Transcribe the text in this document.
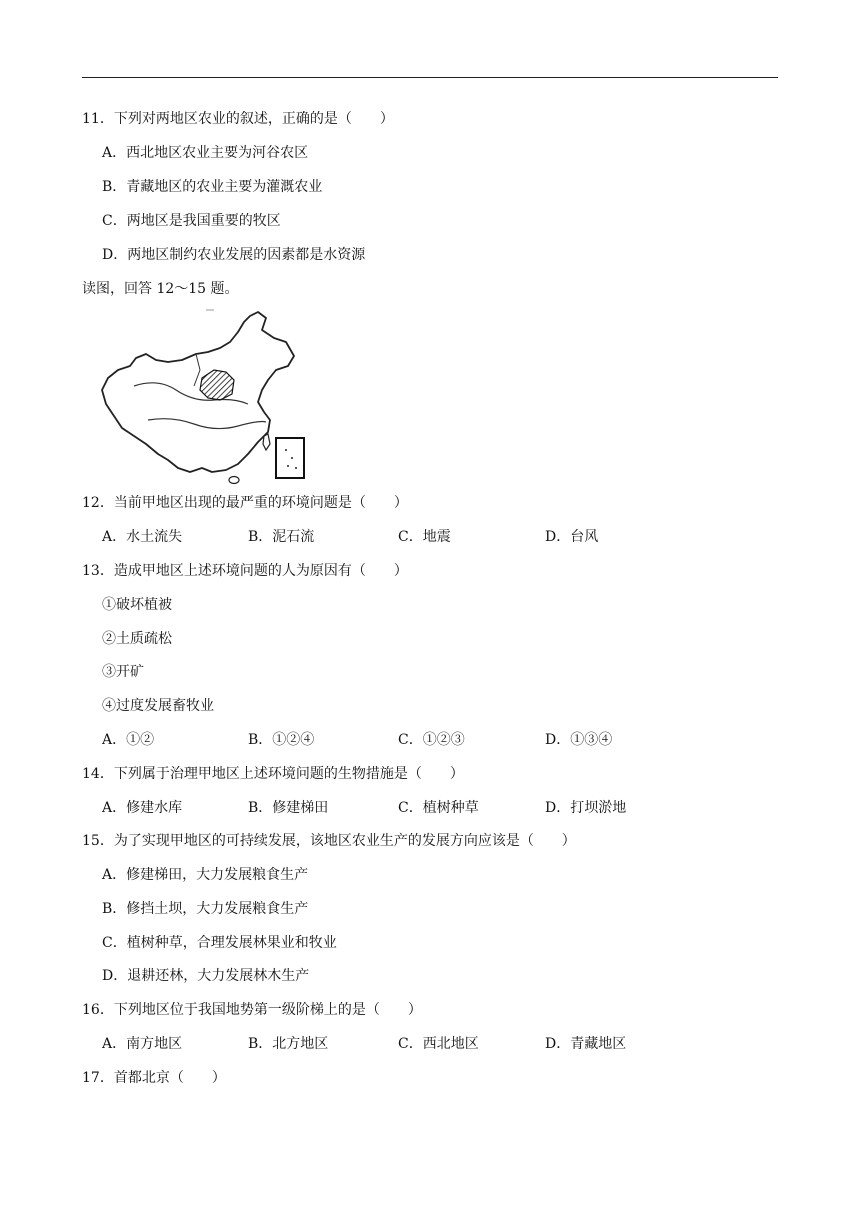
11．下列对两地区农业的叙述，正确的是（　　）
A．西北地区农业主要为河谷农区
B．青藏地区的农业主要为灌溉农业
C．两地区是我国重要的牧区
D．两地区制约农业发展的因素都是水资源
读图，回答 12～15 题。
12．当前甲地区出现的最严重的环境问题是（　　）
A．水土流失	B．泥石流	C．地震	D．台风
13．造成甲地区上述环境问题的人为原因有（　　）
①破坏植被
②土质疏松
③开矿
④过度发展畜牧业
A．①②	B．①②④	C．①②③	D．①③④
14．下列属于治理甲地区上述环境问题的生物措施是（　　）
A．修建水库	B．修建梯田	C．植树种草	D．打坝淤地
15．为了实现甲地区的可持续发展，该地区农业生产的发展方向应该是（　　）
A．修建梯田，大力发展粮食生产
B．修挡土坝，大力发展粮食生产
C．植树种草，合理发展林果业和牧业
D．退耕还林，大力发展林木生产
16．下列地区位于我国地势第一级阶梯上的是（　　）
A．南方地区	B．北方地区	C．西北地区	D．青藏地区
17．首都北京（　　）
